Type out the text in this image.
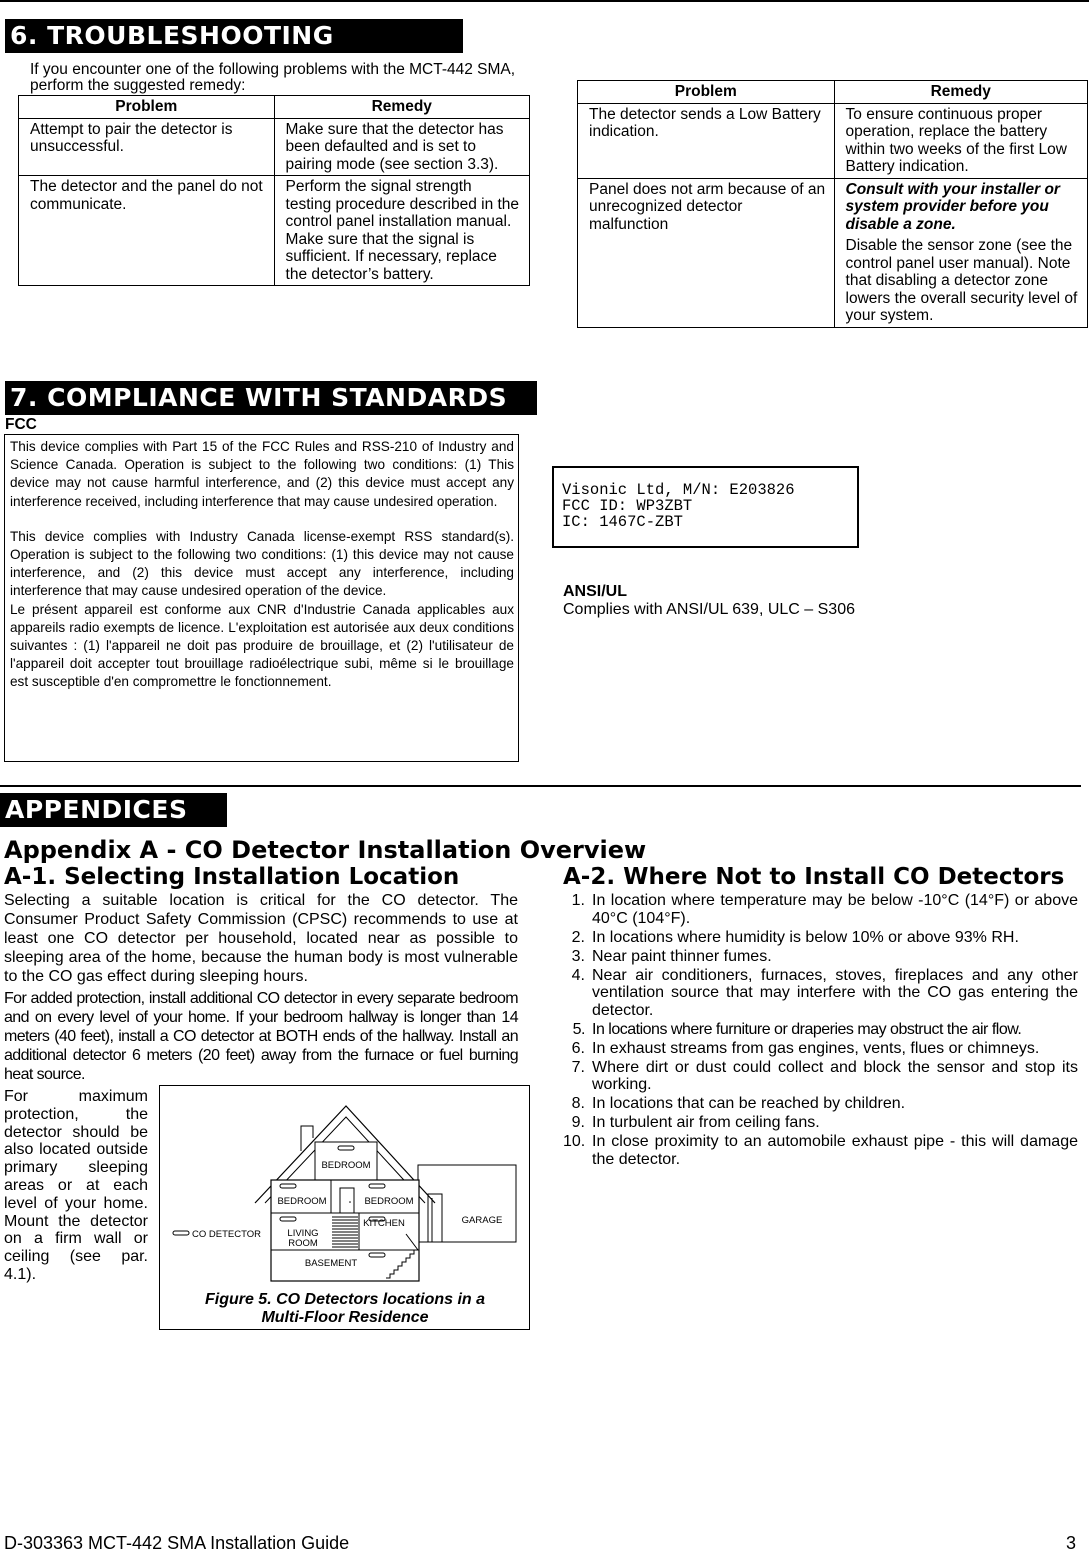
6. TROUBLESHOOTING
If you encounter one of the following problems with the MCT-442 SMA, perform the suggested remedy:
Problem	Remedy
Attempt to pair the detector is unsuccessful.	Make sure that the detector has been defaulted and is set to pairing mode (see section 3.3).
The detector and the panel do not communicate.	Perform the signal strength testing procedure described in the control panel installation manual. Make sure that the signal is sufficient. If necessary, replace the detector’s battery.
Problem	Remedy
The detector sends a Low Battery indication.	To ensure continuous proper operation, replace the battery within two weeks of the first Low Battery indication.
Panel does not arm because of an unrecognized detector malfunction	Consult with your installer or system provider before you disable a zone.

Disable the sensor zone (see the control panel user manual). Note that disabling a detector zone lowers the overall security level of your system.

7. COMPLIANCE WITH STANDARDS
FCC

This device complies with Part 15 of the FCC Rules and RSS-210 of Industry and Science Canada. Operation is subject to the following two conditions: (1) This device may not cause harmful interference, and (2) this device must accept any interference received, including interference that may cause undesired operation.

This device complies with Industry Canada license-exempt RSS standard(s). Operation is subject to the following two conditions: (1) this device may not cause interference, and (2) this device must accept any interference, including interference that may cause undesired operation of the device.

Le présent appareil est conforme aux CNR d'Industrie Canada applicables aux appareils radio exempts de licence. L'exploitation est autorisée aux deux conditions suivantes : (1) l'appareil ne doit pas produire de brouillage, et (2) l'utilisateur de l'appareil doit accepter tout brouillage radioélectrique subi, même si le brouillage est susceptible d'en compromettre le fonctionnement.

Visonic Ltd, M/N: E203826
FCC ID: WP3ZBT
IC: 1467C-ZBT
ANSI/UL
Complies with ANSI/UL 639, ULC – S306
APPENDICES
Appendix A - CO Detector Installation Overview
A-1. Selecting Installation Location	A-2. Where Not to Install CO Detectors

Selecting a suitable location is critical for the CO detector. The Consumer Product Safety Commission (CPSC) recommends to use at least one CO detector per household, located near as possible to sleeping area of the home, because the human body is most vulnerable to the CO gas effect during sleeping hours.

For added protection, install additional CO detector in every separate bedroom and on every level of your home. If your bedroom hallway is longer than 14 meters (40 feet), install a CO detector at BOTH ends of the hallway. Install an additional detector 6 meters (20 feet) away from the furnace or fuel burning heat source.

For maximum protection, the detector should be also located outside primary sleeping areas or at each level of your home. Mount the detector on a firm wall or ceiling (see par. 4.1).
BEDROOM
BEDROOM	BEDROOM
KITCHEN
LIVING
ROOM
BASEMENT
GARAGE
CO DETECTOR
Figure 5. CO Detectors locations in a Multi-Floor Residence
1. In location where temperature may be below -10°C (14°F) or above 40°C (104°F).
2. In locations where humidity is below 10% or above 93% RH.
3. Near paint thinner fumes.
4. Near air conditioners, furnaces, stoves, fireplaces and any other ventilation source that may interfere with the CO gas entering the detector.
5. In locations where furniture or draperies may obstruct the air flow.
6. In exhaust streams from gas engines, vents, flues or chimneys.
7. Where dirt or dust could collect and block the sensor and stop its working.
8. In locations that can be reached by children.
9. In turbulent air from ceiling fans.
10. In close proximity to an automobile exhaust pipe - this will damage the detector.
D-303363 MCT-442 SMA Installation Guide	3
